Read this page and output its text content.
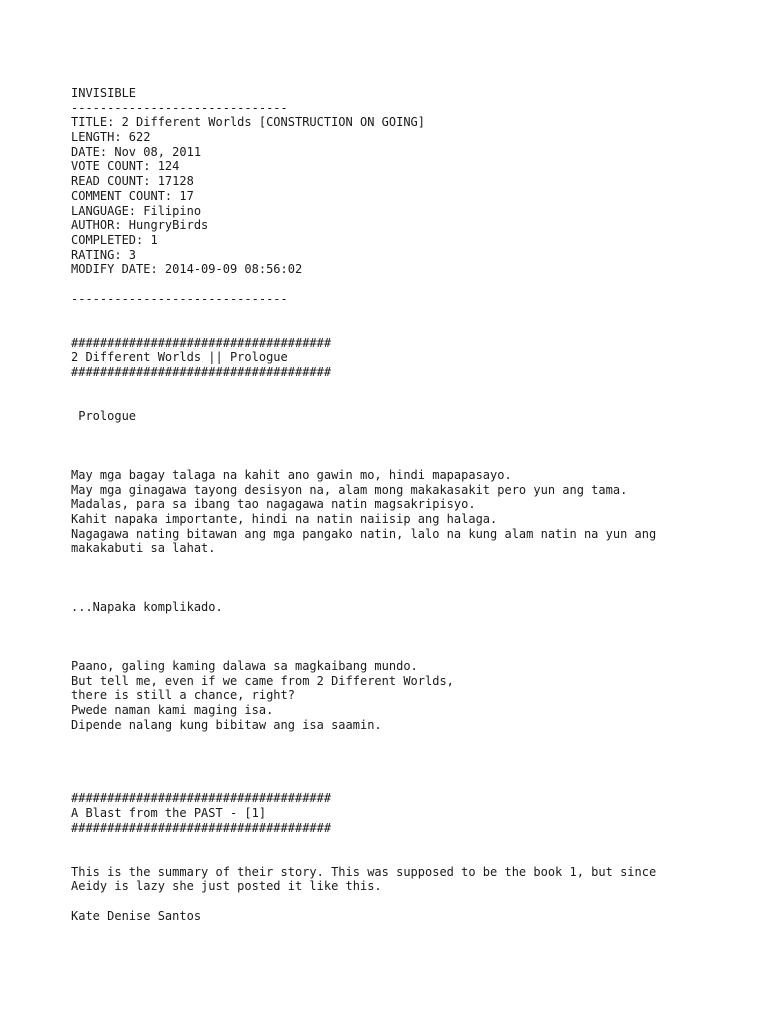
INVISIBLE
------------------------------
TITLE: 2 Different Worlds [CONSTRUCTION ON GOING]
LENGTH: 622
DATE: Nov 08, 2011
VOTE COUNT: 124
READ COUNT: 17128
COMMENT COUNT: 17
LANGUAGE: Filipino
AUTHOR: HungryBirds
COMPLETED: 1
RATING: 3
MODIFY DATE: 2014-09-09 08:56:02
------------------------------
####################################
2 Different Worlds || Prologue
####################################
Prologue
May mga bagay talaga na kahit ano gawin mo, hindi mapapasayo.
May mga ginagawa tayong desisyon na, alam mong makakasakit pero yun ang tama.
Madalas, para sa ibang tao nagagawa natin magsakripisyo.
Kahit napaka importante, hindi na natin naiisip ang halaga.
Nagagawa nating bitawan ang mga pangako natin, lalo na kung alam natin na yun ang
makakabuti sa lahat.
...Napaka komplikado.
Paano, galing kaming dalawa sa magkaibang mundo.
But tell me, even if we came from 2 Different Worlds,
there is still a chance, right?
Pwede naman kami maging isa.
Dipende nalang kung bibitaw ang isa saamin.
####################################
A Blast from the PAST - [1]
####################################
This is the summary of their story. This was supposed to be the book 1, but since
Aeidy is lazy she just posted it like this.
Kate Denise Santos
